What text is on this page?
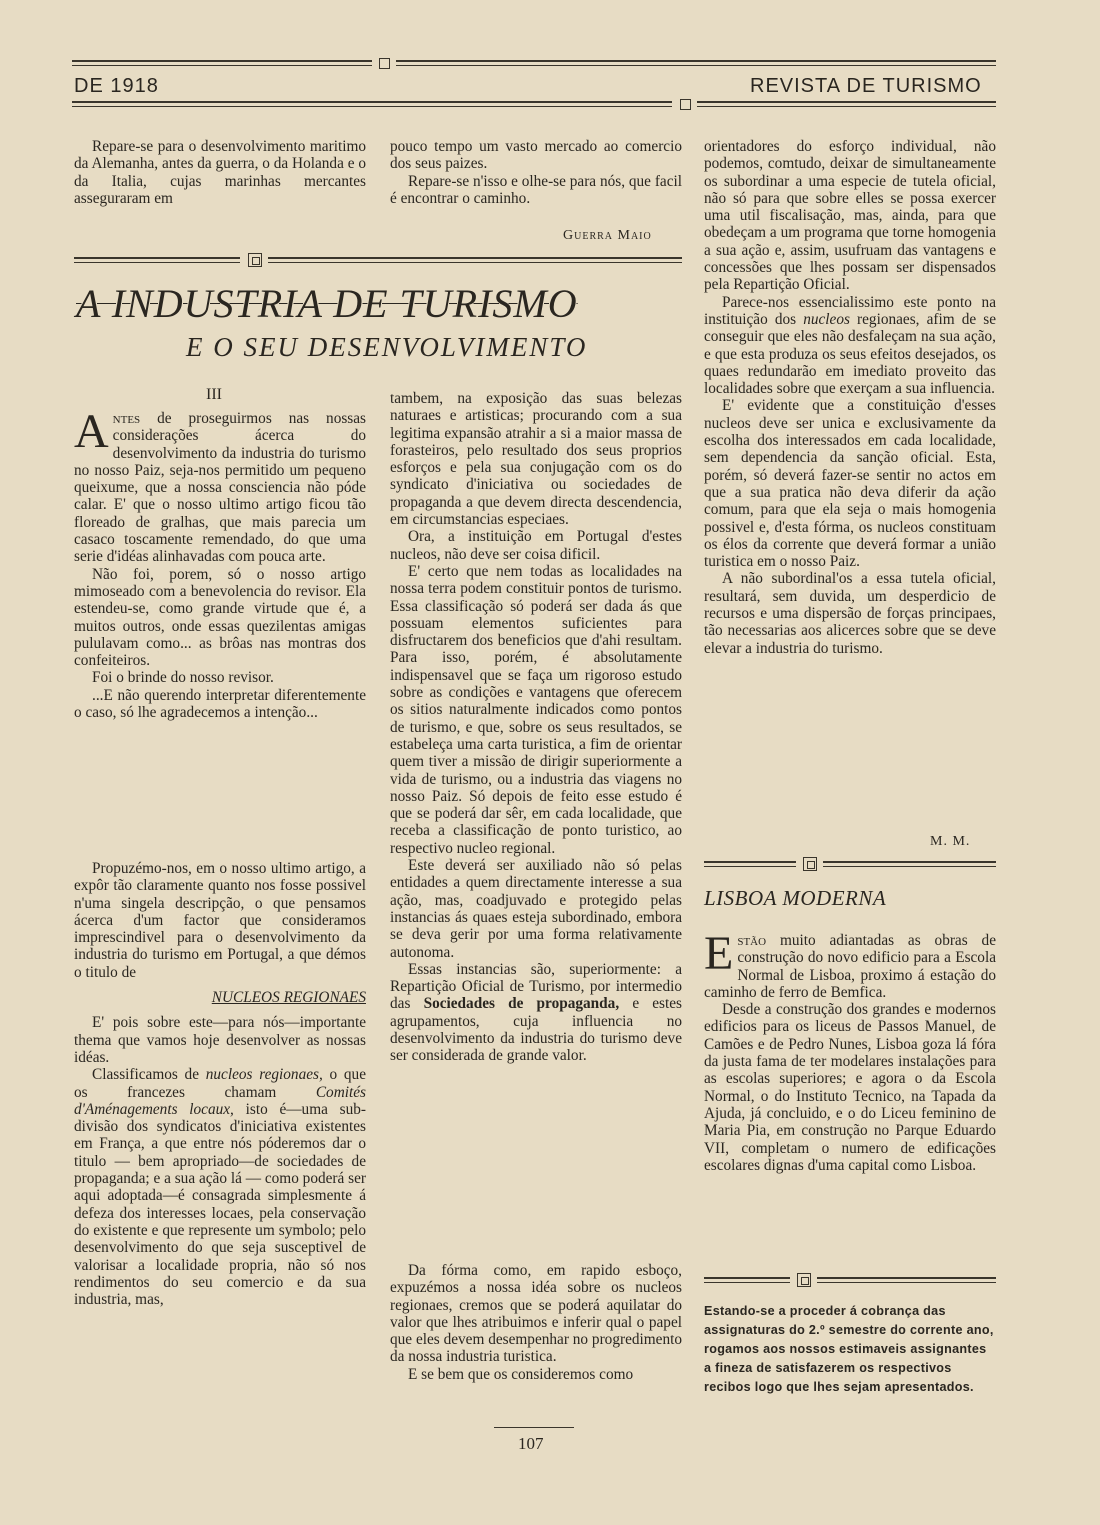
DE 1918	REVISTA DE TURISMO

Repare-se para o desenvolvimento maritimo da Alemanha, antes da guerra, o da Holanda e o da Italia, cujas marinhas mercantes asseguraram em

pouco tempo um vasto mercado ao comercio dos seus paizes.

Repare-se n'isso e olhe-se para nós, que facil é encontrar o caminho.

Guerra Maio
A INDUSTRIA DE TURISMO
E O SEU DESENVOLVIMENTO
III

Antes de proseguirmos nas nossas considerações ácerca do desenvolvimento da industria do turismo no nosso Paiz, seja-nos permitido um pequeno queixume, que a nossa consciencia não póde calar. E' que o nosso ultimo artigo ficou tão floreado de gralhas, que mais parecia um casaco toscamente remendado, do que uma serie d'idéas alinhavadas com pouca arte.

Não foi, porem, só o nosso artigo mimoseado com a benevolencia do revisor. Ela estendeu-se, como grande virtude que é, a muitos outros, onde essas quezilentas amigas pululavam como... as brôas nas montras dos confeiteiros.

Foi o brinde do nosso revisor.

...E não querendo interpretar diferentemente o caso, só lhe agradecemos a intenção...

Propuzémo-nos, em o nosso ultimo artigo, a expôr tão claramente quanto nos fosse possivel n'uma singela descripção, o que pensamos ácerca d'um factor que consideramos imprescindivel para o desenvolvimento da industria do turismo em Portugal, a que démos o titulo de

NUCLEOS REGIONAES

E' pois sobre este—para nós—importante thema que vamos hoje desenvolver as nossas idéas.

Classificamos de nucleos regionaes, o que os francezes chamam	Comités d'Aménagements locaux, isto é—uma sub-divisão dos syndicatos d'iniciativa existentes em França, a que entre nós póderemos dar o titulo — bem apropriado—de sociedades de propaganda; e a sua ação lá — como poderá ser aqui adoptada—é consagrada simplesmente á defeza dos interesses locaes, pela conservação do existente e que represente um symbolo; pelo desenvolvimento do que seja susceptivel de valorisar a localidade propria, não só nos rendimentos do seu comercio e da sua industria, mas,

tambem, na exposição das suas belezas naturaes e artisticas; procurando com a sua legitima expansão atrahir a si a maior massa de forasteiros, pelo resultado dos seus proprios esforços e pela sua conjugação com os do syndicato d'iniciativa ou sociedades de propaganda a que devem directa descendencia, em circumstancias especiaes.

Ora, a instituição em Portugal d'estes nucleos, não deve ser coisa dificil.

E' certo que nem todas as localidades na nossa terra podem constituir pontos de turismo. Essa classificação só poderá ser dada ás que possuam elementos suficientes para disfructarem dos beneficios que d'ahi resultam. Para isso, porém, é absolutamente indispensavel que se faça um rigoroso estudo sobre as condições e vantagens que oferecem os sitios naturalmente indicados como pontos de turismo, e que, sobre os seus resultados, se estabeleça uma carta turistica, a fim de orientar quem tiver a missão de dirigir superiormente a vida de turismo, ou a industria das viagens no nosso Paiz. Só depois de feito esse estudo é que se poderá dar sêr, em cada localidade, que receba a classificação de ponto turistico, ao respectivo nucleo regional.

Este deverá ser auxiliado não só pelas entidades a quem directamente interesse a sua ação, mas, coadjuvado e protegido pelas instancias ás quaes esteja subordinado, embora se deva gerir por uma forma relativamente autonoma.

Essas instancias são, superiormente: a Repartição Oficial de Turismo, por intermedio das Sociedades de propaganda, e estes agrupamentos, cuja influencia no desenvolvimento da industria do turismo deve ser considerada de grande valor.

Da fórma como, em rapido esboço, expuzémos a nossa idéa sobre os nucleos regionaes, cremos que se poderá aquilatar do valor que lhes atribuimos e inferir qual o papel que eles devem desempenhar no progredimento da nossa industria turistica.

E se bem que os consideremos como

orientadores do esforço individual, não podemos, comtudo, deixar de simultaneamente os subordinar a uma especie de tutela oficial, não só para que sobre elles se possa exercer uma util fiscalisação, mas, ainda, para que obedeçam a um programa que torne homogenia a sua ação e, assim, usufruam das vantagens e concessões que lhes possam ser dispensados pela Repartição Oficial.

Parece-nos essencialissimo este ponto na instituição dos nucleos regionaes, afim de se conseguir que eles não desfaleçam na sua ação, e que esta produza os seus efeitos desejados, os quaes redundarão em imediato proveito das localidades sobre que exerçam a sua influencia.

E' evidente que a constituição d'esses nucleos deve ser unica e exclusivamente da escolha dos interessados em cada localidade, sem dependencia da sanção oficial. Esta, porém, só deverá fazer-se sentir no actos em que a sua pratica não deva diferir da ação comum, para que ela seja o mais homogenia possivel e, d'esta fórma, os nucleos constituam os élos da corrente que deverá formar a união turistica em o nosso Paiz.

A não subordinal'os a essa tutela oficial, resultará, sem duvida, um desperdicio de recursos e uma dispersão de forças principaes, tão necessarias aos alicerces sobre que se deve elevar a industria do turismo.

M. M.
LISBOA MODERNA

Estão muito adiantadas as obras de construção do novo edificio para a Escola Normal de Lisboa, proximo á estação do caminho de ferro de Bemfica.

Desde a construção dos grandes e modernos edificios para os liceus de Passos Manuel, de Camões e de Pedro Nunes, Lisboa goza lá fóra da justa fama de ter modelares instalações para as escolas superiores; e agora o da Escola Normal, o do Instituto Tecnico, na Tapada da Ajuda, já concluido, e o do Liceu feminino de Maria Pia, em construção no Parque Eduardo VII, completam o numero de edificações escolares dignas d'uma capital como Lisboa.

Estando-se a proceder á cobrança das assignaturas do 2.º semestre do corrente ano, rogamos aos nossos estimaveis assignantes a fineza de satisfazerem os respectivos recibos logo que lhes sejam apresentados.
107
